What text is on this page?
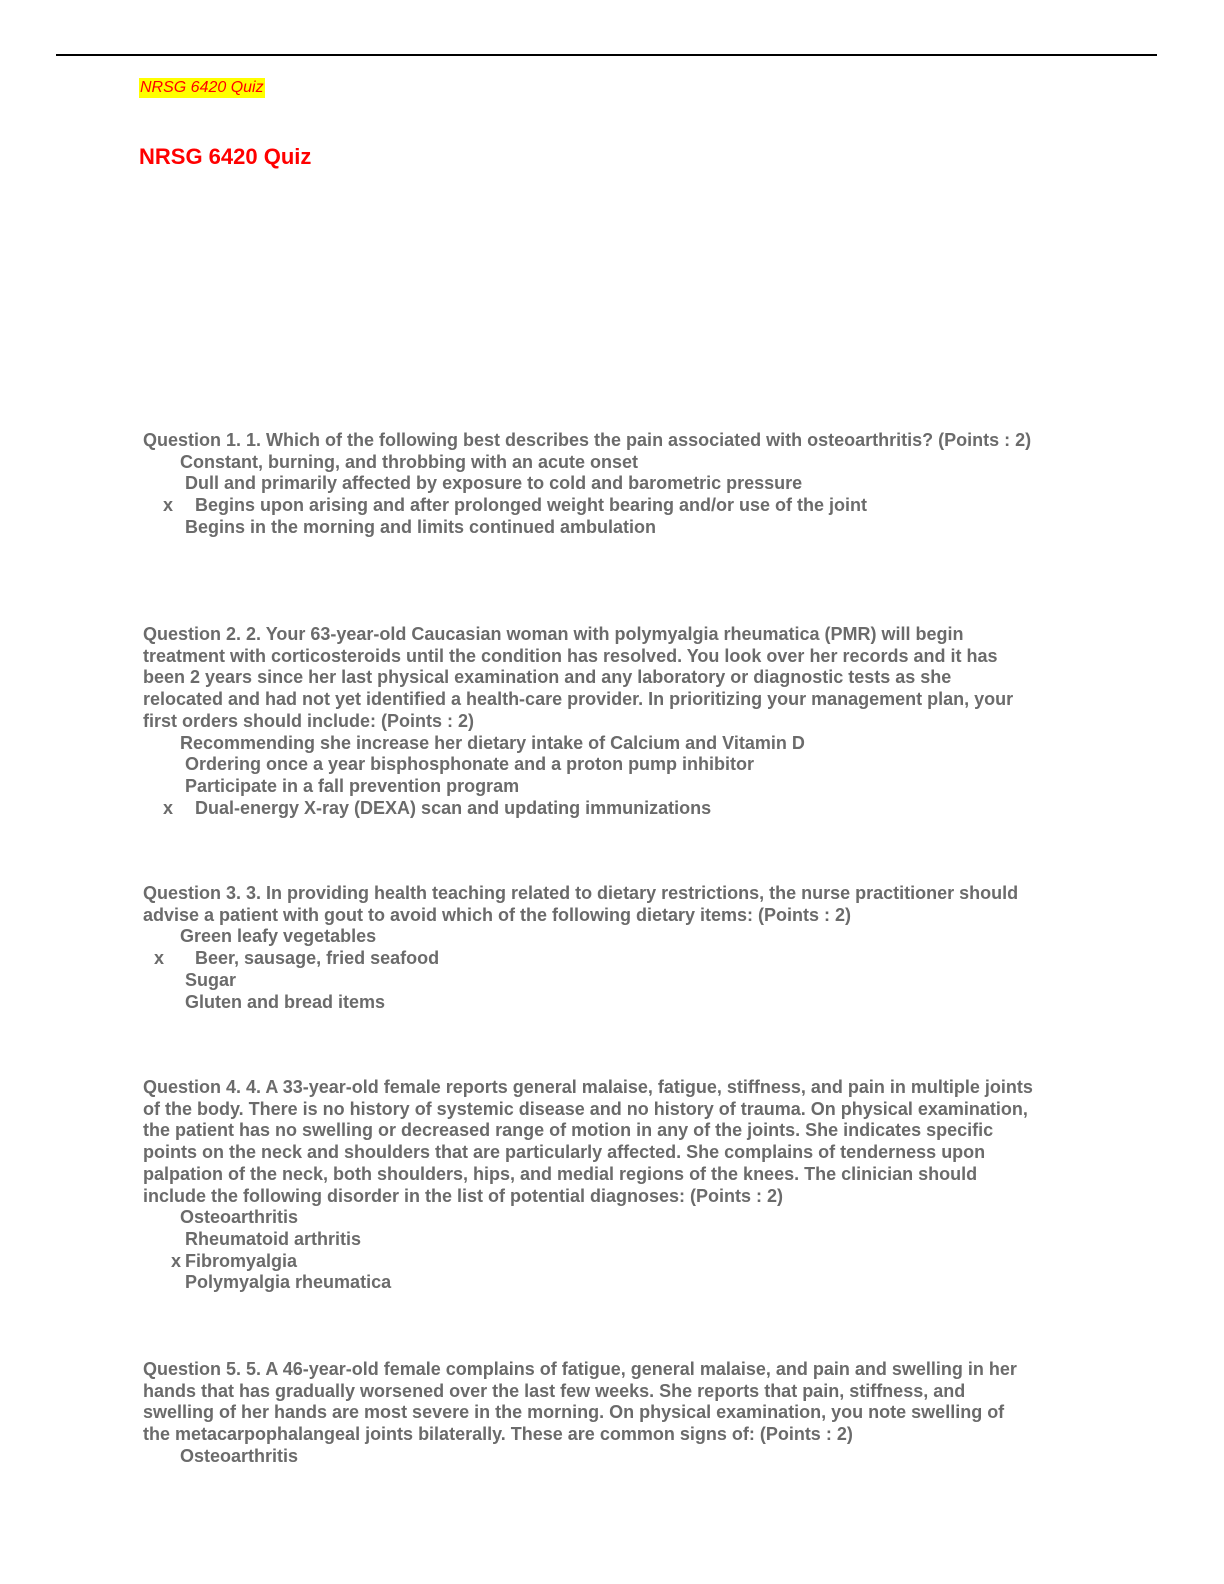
NRSG 6420 Quiz
NRSG 6420 Quiz

Question 1. 1. Which of the following best describes the pain associated with osteoarthritis? (Points : 2)

Constant, burning, and throbbing with an acute onset
Dull and primarily affected by exposure to cold and barometric pressure
x Begins upon arising and after prolonged weight bearing and/or use of the joint
Begins in the morning and limits continued ambulation

Question 2. 2. Your 63-year-old Caucasian woman with polymyalgia rheumatica (PMR) will begin treatment with corticosteroids until the condition has resolved. You look over her records and it has been 2 years since her last physical examination and any laboratory or diagnostic tests as she relocated and had not yet identified a health-care provider. In prioritizing your management plan, your first orders should include: (Points : 2)

Recommending she increase her dietary intake of Calcium and Vitamin D
Ordering once a year bisphosphonate and a proton pump inhibitor
Participate in a fall prevention program
x Dual-energy X-ray (DEXA) scan and updating immunizations

Question 3. 3. In providing health teaching related to dietary restrictions, the nurse practitioner should advise a patient with gout to avoid which of the following dietary items: (Points : 2)

Green leafy vegetables
x Beer, sausage, fried seafood
Sugar
Gluten and bread items

Question 4. 4. A 33-year-old female reports general malaise, fatigue, stiffness, and pain in multiple joints of the body. There is no history of systemic disease and no history of trauma. On physical examination, the patient has no swelling or decreased range of motion in any of the joints. She indicates specific points on the neck and shoulders that are particularly affected. She complains of tenderness upon palpation of the neck, both shoulders, hips, and medial regions of the knees. The clinician should include the following disorder in the list of potential diagnoses: (Points : 2)

Osteoarthritis
Rheumatoid arthritis
x Fibromyalgia
Polymyalgia rheumatica

Question 5. 5. A 46-year-old female complains of fatigue, general malaise, and pain and swelling in her hands that has gradually worsened over the last few weeks. She reports that pain, stiffness, and swelling of her hands are most severe in the morning. On physical examination, you note swelling of the metacarpophalangeal joints bilaterally. These are common signs of: (Points : 2)

Osteoarthritis
